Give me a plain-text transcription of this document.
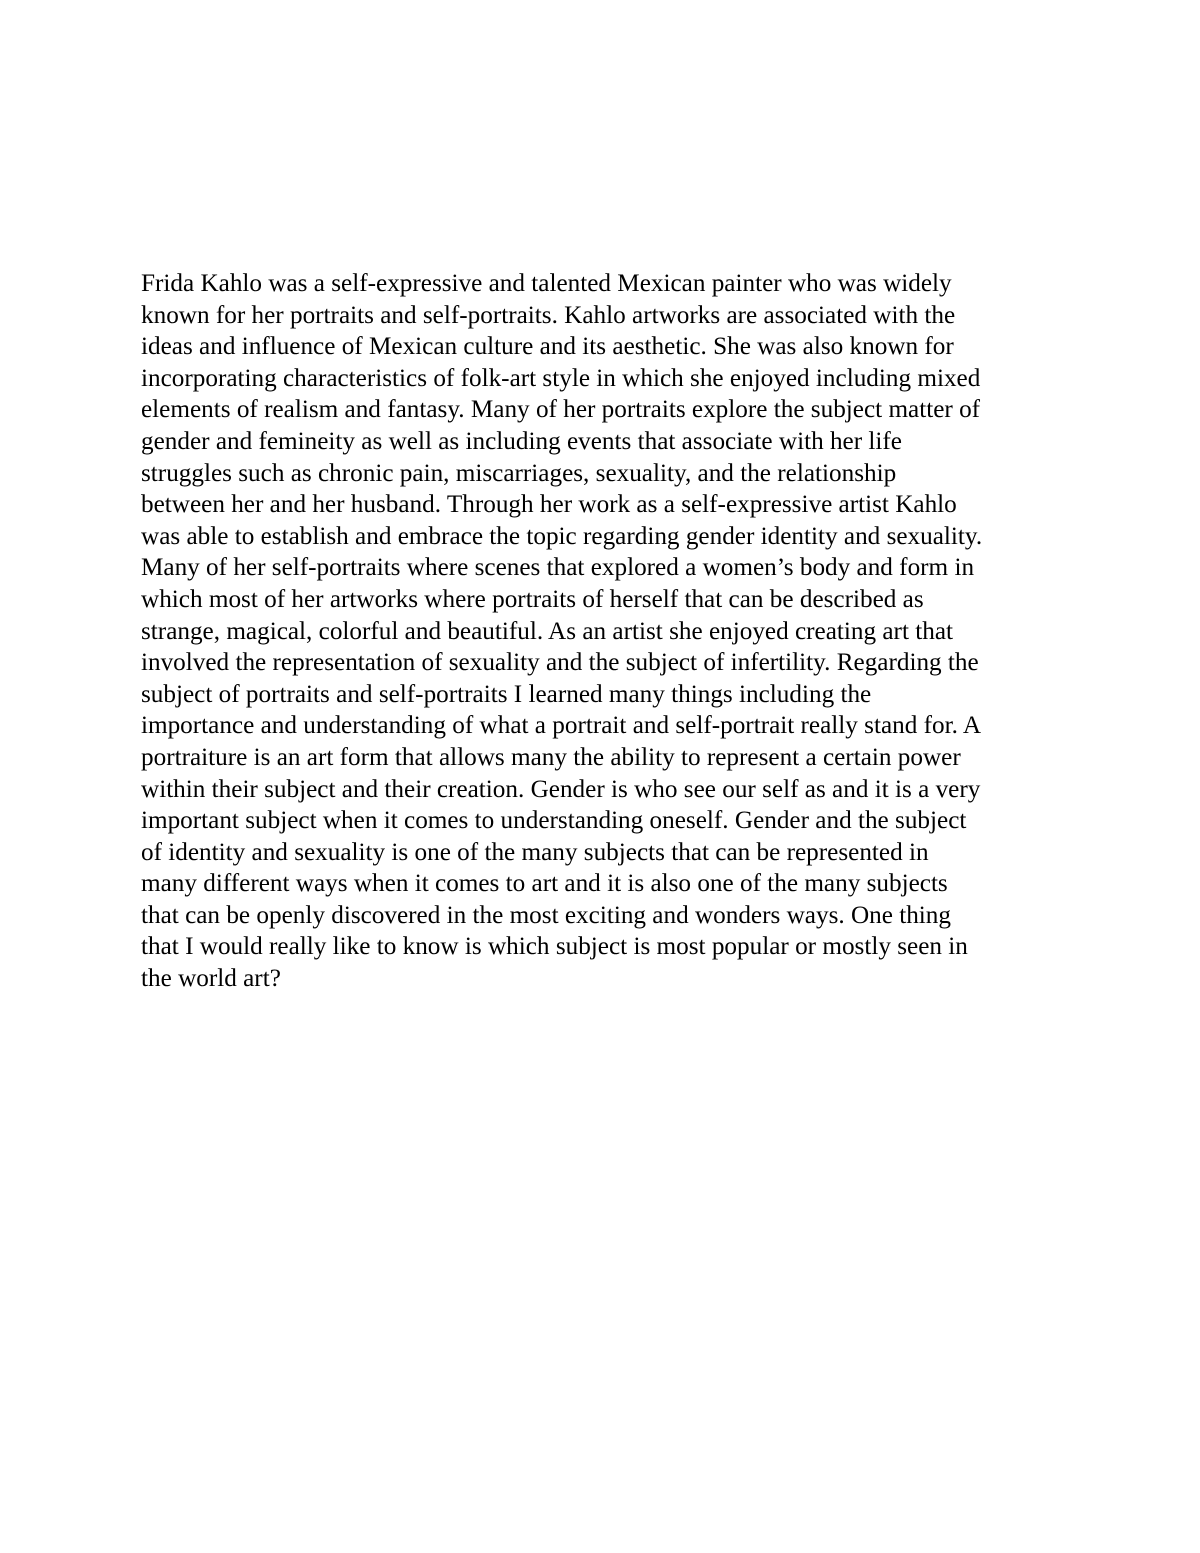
Frida Kahlo was a self-expressive and talented Mexican painter who was widely
known for her portraits and self-portraits. Kahlo artworks are associated with the
ideas and influence of Mexican culture and its aesthetic. She was also known for
incorporating characteristics of folk-art style in which she enjoyed including mixed
elements of realism and fantasy. Many of her portraits explore the subject matter of
gender and femineity as well as including events that associate with her life
struggles such as chronic pain, miscarriages, sexuality, and the relationship
between her and her husband. Through her work as a self-expressive artist Kahlo
was able to establish and embrace the topic regarding gender identity and sexuality.
Many of her self-portraits where scenes that explored a women’s body and form in
which most of her artworks where portraits of herself that can be described as
strange, magical, colorful and beautiful. As an artist she enjoyed creating art that
involved the representation of sexuality and the subject of infertility. Regarding the
subject of portraits and self-portraits I learned many things including the
importance and understanding of what a portrait and self-portrait really stand for. A
portraiture is an art form that allows many the ability to represent a certain power
within their subject and their creation. Gender is who see our self as and it is a very
important subject when it comes to understanding oneself. Gender and the subject
of identity and sexuality is one of the many subjects that can be represented in
many different ways when it comes to art and it is also one of the many subjects
that can be openly discovered in the most exciting and wonders ways. One thing
that I would really like to know is which subject is most popular or mostly seen in
the world art?
